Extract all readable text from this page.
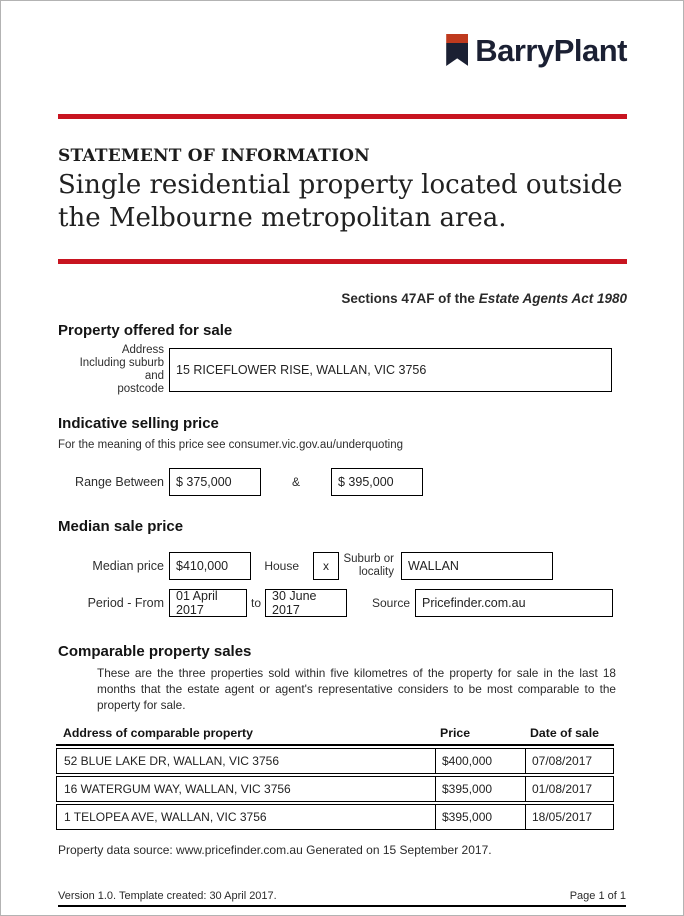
BarryPlant
STATEMENT OF INFORMATION
Single residential property located outside
the Melbourne metropolitan area.
Sections 47AF of the Estate Agents Act 1980
Property offered for sale
Address
Including suburb and
postcode
15 RICEFLOWER RISE, WALLAN, VIC 3756
Indicative selling price
For the meaning of this price see consumer.vic.gov.au/underquoting
Range Between $ 375,000	&	$ 395,000
Median sale price
Median price $410,000	House	x	Suburb or
locality	WALLAN
Period - From 01 April 2017	to 30 June 2017	Source Pricefinder.com.au
Comparable property sales
These are the three properties sold within five kilometres of the property for sale in the last 18 months that the estate agent or agent's representative considers to be most comparable to the property for sale.
Address of comparable property	Price	Date of sale
52 BLUE LAKE DR, WALLAN, VIC 3756	$400,000	07/08/2017
16 WATERGUM WAY, WALLAN, VIC 3756	$395,000	01/08/2017
1 TELOPEA AVE, WALLAN, VIC 3756	$395,000	18/05/2017
Property data source: www.pricefinder.com.au Generated on 15 September 2017.
Version 1.0. Template created: 30 April 2017.	Page 1 of 1
